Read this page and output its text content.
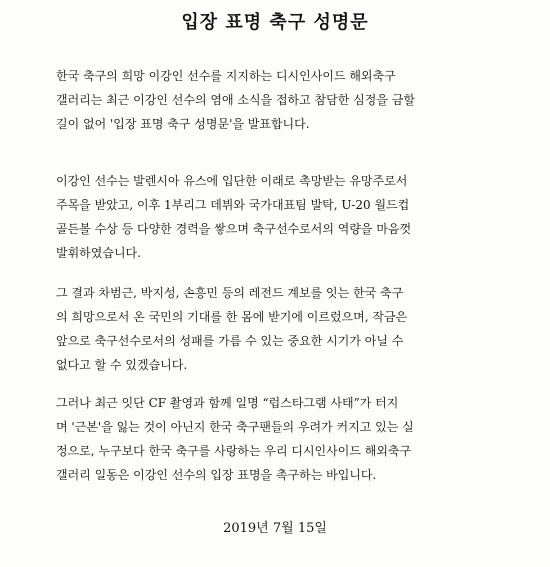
입장 표명 축구 성명문
한국 축구의 희망 이강인 선수를 지지하는 디시인사이드 해외축구
갤러리는 최근 이강인 선수의 염애 소식을 접하고 참담한 심정을 금할
길이 없어 '입장 표명 축구 성명문'을 발표합니다.
이강인 선수는 발렌시아 유스에 입단한 이래로 촉망받는 유망주로서
주목을 받았고, 이후 1부리그 데뷔와 국가대표팀 발탁, U-20 월드컵
골든볼 수상 등 다양한 경력을 쌓으며 축구선수로서의 역량을 마음껏
발휘하였습니다.
그 결과 차범근, 박지성, 손흥민 등의 레전드 계보를 잇는 한국 축구
의 희망으로서 온 국민의 기대를 한 몸에 받기에 이르렀으며, 작금은
앞으로 축구선수로서의 성패를 가름 수 있는 중요한 시기가 아닐 수
없다고 할 수 있겠습니다.
그러나 최근 잇단 CF 촬영과 함께 일명 “럽스타그램 사태”가 터지
며 '근본'을 잃는 것이 아닌지 한국 축구팬들의 우려가 커지고 있는 실
정으로, 누구보다 한국 축구를 사랑하는 우리 디시인사이드 해외축구
갤러리 일동은 이강인 선수의 입장 표명을 촉구하는 바입니다.
2019년 7월 15일
